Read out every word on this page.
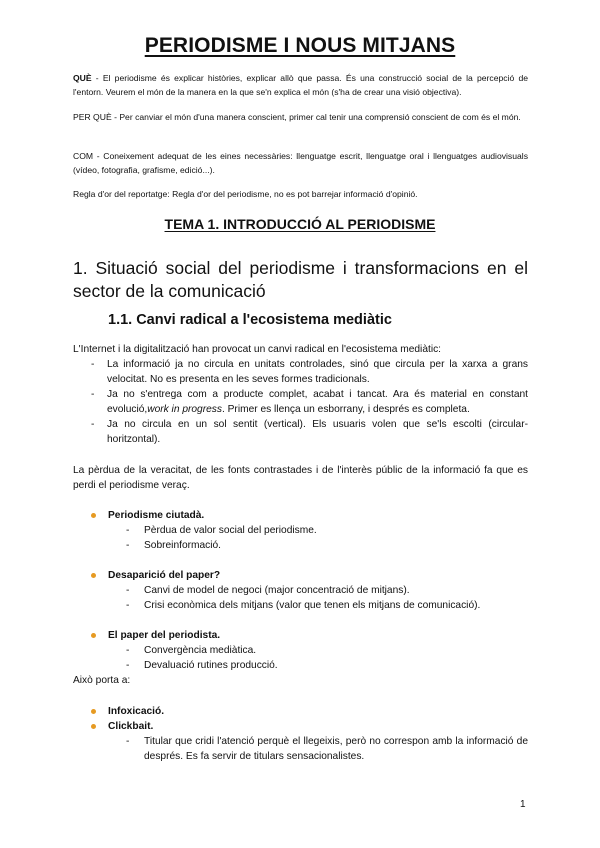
PERIODISME I NOUS MITJANS
QUÈ - El periodisme és explicar històries, explicar allò que passa. És una construcció social de la percepció de l'entorn. Veurem el món de la manera en la que se'n explica el món (s'ha de crear una visió objectiva).
PER QUÈ - Per canviar el món d'una manera conscient, primer cal tenir una comprensió conscient de com és el món.
COM - Coneixement adequat de les eines necessàries: llenguatge escrit, llenguatge oral i llenguatges audiovisuals (vídeo, fotografia, grafisme, edició...).
Regla d'or del reportatge: Regla d'or del periodisme, no es pot barrejar informació d'opinió.
TEMA 1. INTRODUCCIÓ AL PERIODISME
1. Situació social del periodisme i transformacions en el sector de la comunicació
1.1. Canvi radical a l'ecosistema mediàtic
L'Internet i la digitalització han provocat un canvi radical en l'ecosistema mediàtic:
- La informació ja no circula en unitats controlades, sinó que circula per la xarxa a grans velocitat. No es presenta en les seves formes tradicionals.
- Ja no s'entrega com a producte complet, acabat i tancat. Ara és material en constant evolució,work in progress. Primer es llença un esborrany, i després es completa.
- Ja no circula en un sol sentit (vertical). Els usuaris volen que se'ls escolti (circular-horitzontal).
La pèrdua de la veracitat, de les fonts contrastades i de l'interès públic de la informació fa que es perdi el periodisme veraç.
Periodisme ciutadà.
- Pèrdua de valor social del periodisme.
- Sobreinformació.
Desaparició del paper?
- Canvi de model de negoci (major concentració de mitjans).
- Crisi econòmica dels mitjans (valor que tenen els mitjans de comunicació).
El paper del periodista.
- Convergència mediàtica.
- Devaluació rutines producció.
Això porta a:
Infoxicació.
Clickbait.
- Titular que cridi l'atenció perquè el llegeixis, però no correspon amb la informació de després. Es fa servir de titulars sensacionalistes.
1
